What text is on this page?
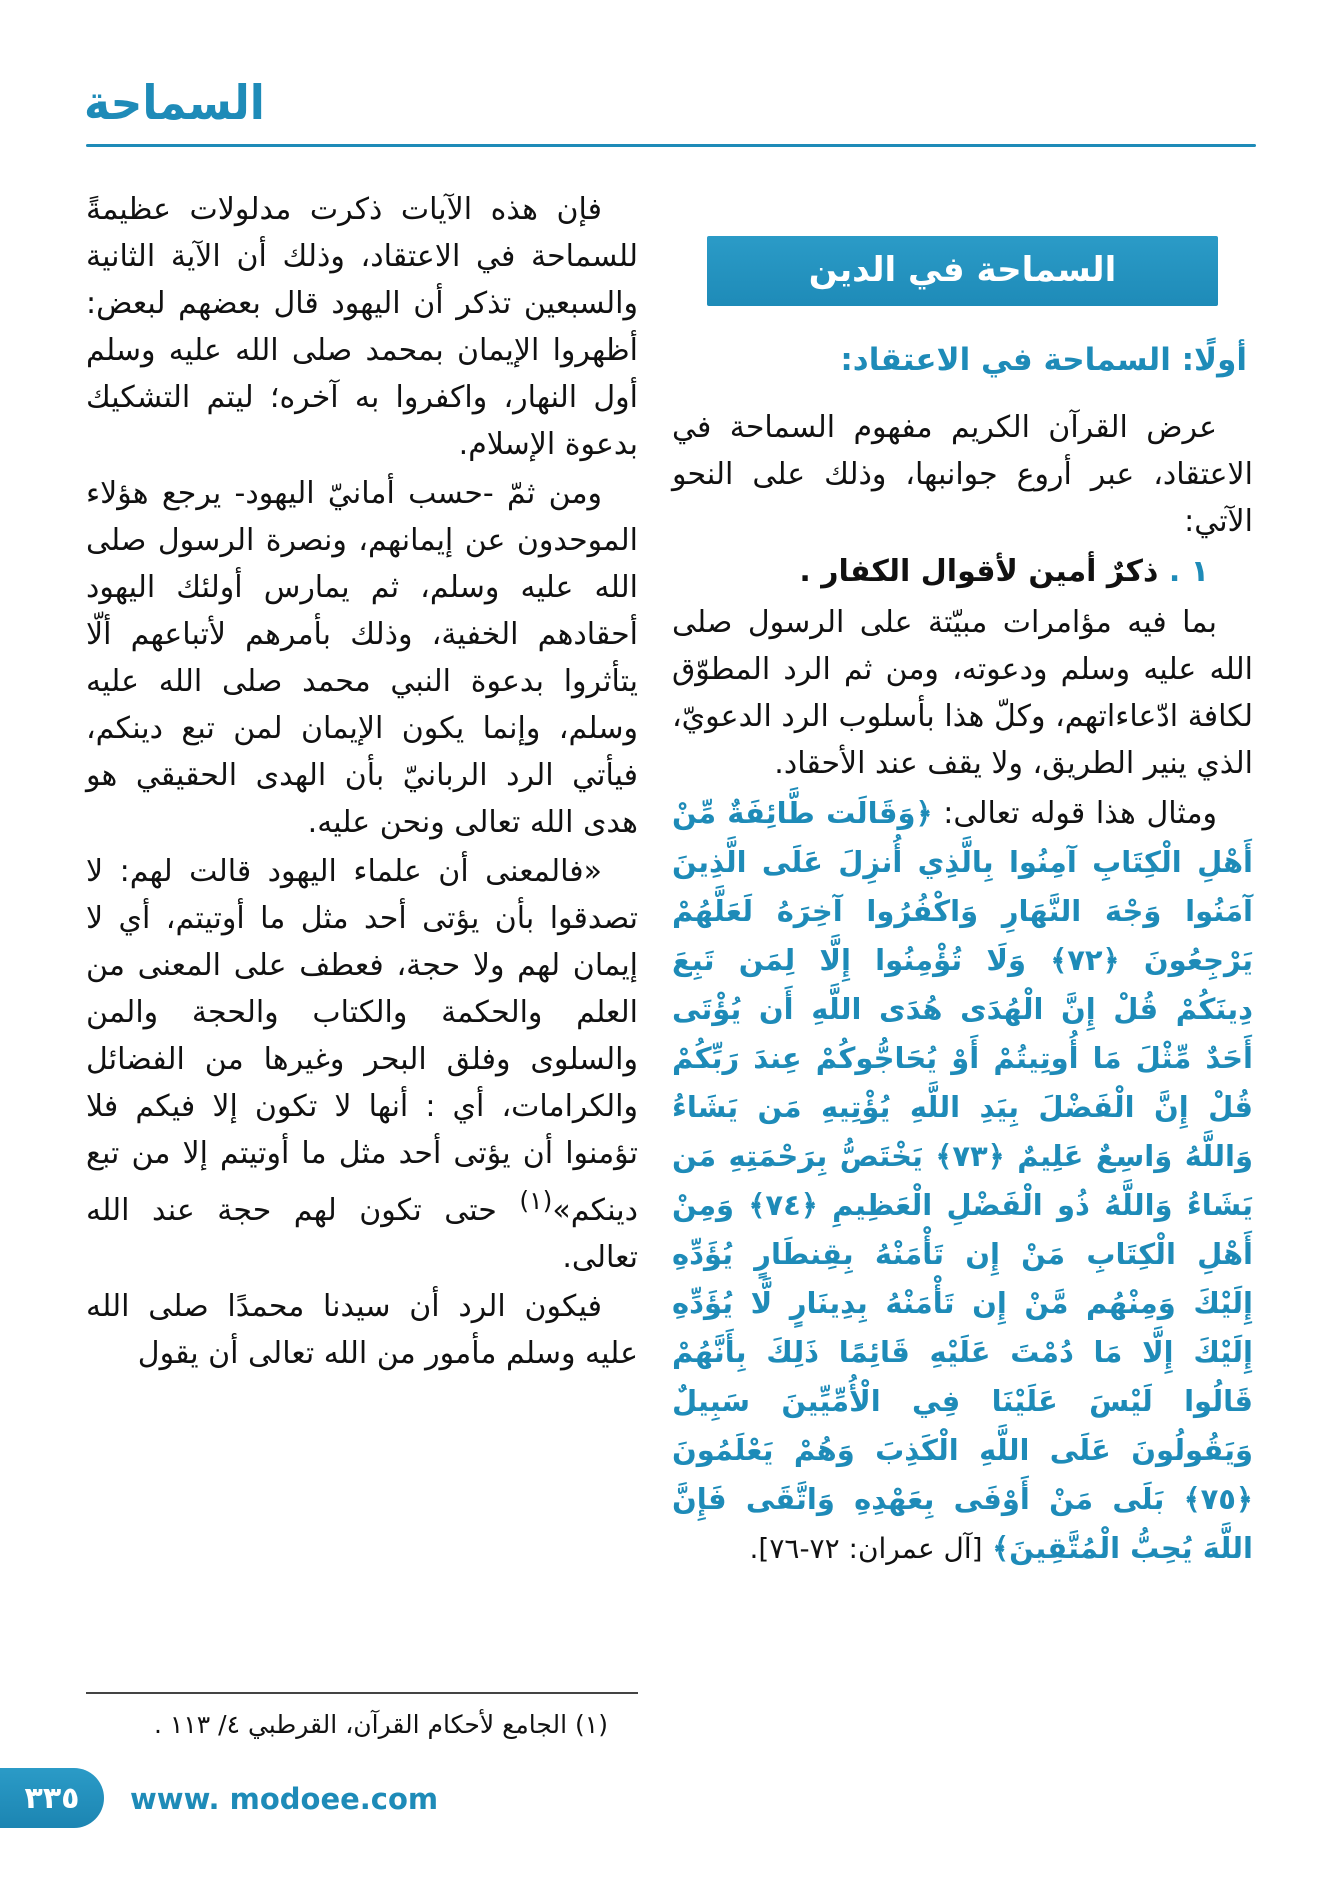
السماحة
السماحة في الدين
أولًا: السماحة في الاعتقاد:

عرض القرآن الكريم مفهوم السماحة في الاعتقاد، عبر أروع جوانبها، وذلك على النحو الآتي:

١ . ذكرٌ أمين لأقوال الكفار .

بما فيه مؤامرات مبيّتة على الرسول صلى الله عليه وسلم ودعوته، ومن ثم الرد المطوّق لكافة ادّعاءاتهم، وكلّ هذا بأسلوب الرد الدعويّ، الذي ينير الطريق، ولا يقف عند الأحقاد.

ومثال هذا قوله تعالى: ﴿وَقَالَت طَّائِفَةٌ مِّنْ أَهْلِ الْكِتَابِ آمِنُوا بِالَّذِي أُنزِلَ عَلَى الَّذِينَ آمَنُوا وَجْهَ النَّهَارِ وَاكْفُرُوا آخِرَهُ لَعَلَّهُمْ يَرْجِعُونَ ﴿٧٢﴾ وَلَا تُؤْمِنُوا إِلَّا لِمَن تَبِعَ دِينَكُمْ قُلْ إِنَّ الْهُدَى هُدَى اللَّهِ أَن يُؤْتَى أَحَدٌ مِّثْلَ مَا أُوتِيتُمْ أَوْ يُحَاجُّوكُمْ عِندَ رَبِّكُمْ قُلْ إِنَّ الْفَضْلَ بِيَدِ اللَّهِ يُؤْتِيهِ مَن يَشَاءُ وَاللَّهُ وَاسِعٌ عَلِيمٌ ﴿٧٣﴾ يَخْتَصُّ بِرَحْمَتِهِ مَن يَشَاءُ وَاللَّهُ ذُو الْفَضْلِ الْعَظِيمِ ﴿٧٤﴾ وَمِنْ أَهْلِ الْكِتَابِ مَنْ إِن تَأْمَنْهُ بِقِنطَارٍ يُؤَدِّهِ إِلَيْكَ وَمِنْهُم مَّنْ إِن تَأْمَنْهُ بِدِينَارٍ لَّا يُؤَدِّهِ إِلَيْكَ إِلَّا مَا دُمْتَ عَلَيْهِ قَائِمًا ذَلِكَ بِأَنَّهُمْ قَالُوا لَيْسَ عَلَيْنَا فِي الْأُمِّيِّينَ سَبِيلٌ وَيَقُولُونَ عَلَى اللَّهِ الْكَذِبَ وَهُمْ يَعْلَمُونَ ﴿٧٥﴾ بَلَى مَنْ أَوْفَى بِعَهْدِهِ وَاتَّقَى فَإِنَّ اللَّهَ يُحِبُّ الْمُتَّقِينَ﴾ [آل عمران: ٧٢-٧٦].

فإن هذه الآيات ذكرت مدلولات عظيمةً للسماحة في الاعتقاد، وذلك أن الآية الثانية والسبعين تذكر أن اليهود قال بعضهم لبعض: أظهروا الإيمان بمحمد صلى الله عليه وسلم أول النهار، واكفروا به آخره؛ ليتم التشكيك بدعوة الإسلام.

ومن ثمّ -حسب أمانيّ اليهود- يرجع هؤلاء الموحدون عن إيمانهم، ونصرة الرسول صلى الله عليه وسلم، ثم يمارس أولئك اليهود أحقادهم الخفية، وذلك بأمرهم لأتباعهم ألّا يتأثروا بدعوة النبي محمد صلى الله عليه وسلم، وإنما يكون الإيمان لمن تبع دينكم، فيأتي الرد الربانيّ بأن الهدى الحقيقي هو هدى الله تعالى ونحن عليه.

«فالمعنى أن علماء اليهود قالت لهم: لا تصدقوا بأن يؤتى أحد مثل ما أوتيتم، أي لا إيمان لهم ولا حجة، فعطف على المعنى من العلم والحكمة والكتاب والحجة والمن والسلوى وفلق البحر وغيرها من الفضائل والكرامات، أي : أنها لا تكون إلا فيكم فلا تؤمنوا أن يؤتى أحد مثل ما أوتيتم إلا من تبع دينكم»$^{(١)}$ حتى تكون لهم حجة عند الله تعالى.

فيكون الرد أن سيدنا محمدًا صلى الله عليه وسلم مأمور من الله تعالى أن يقول

(١) الجامع لأحكام القرآن، القرطبي ٤/ ١١٣ .
٣٣٥ www. modoee.com
